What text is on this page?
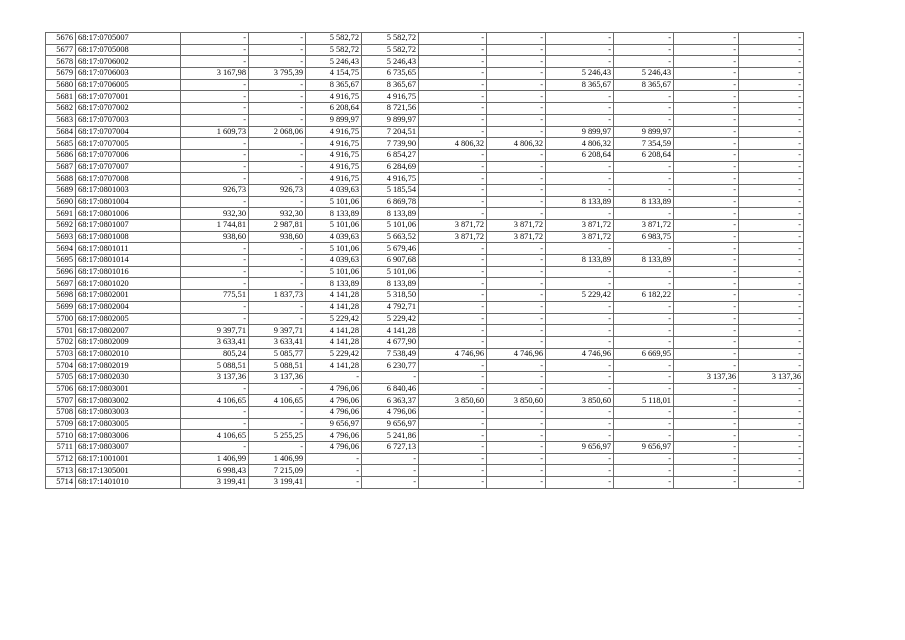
5676	68:17:0705007	-	-	5 582,72	5 582,72	-	-	-	-	-	-
5677	68:17:0705008	-	-	5 582,72	5 582,72	-	-	-	-	-	-
5678	68:17:0706002	-	-	5 246,43	5 246,43	-	-	-	-	-	-
5679	68:17:0706003	3 167,98	3 795,39	4 154,75	6 735,65	-	-	5 246,43	5 246,43	-	-
5680	68:17:0706005	-	-	8 365,67	8 365,67	-	-	8 365,67	8 365,67	-	-
5681	68:17:0707001	-	-	4 916,75	4 916,75	-	-	-	-	-	-
5682	68:17:0707002	-	-	6 208,64	8 721,56	-	-	-	-	-	-
5683	68:17:0707003	-	-	9 899,97	9 899,97	-	-	-	-	-	-
5684	68:17:0707004	1 609,73	2 068,06	4 916,75	7 204,51	-	-	9 899,97	9 899,97	-	-
5685	68:17:0707005	-	-	4 916,75	7 739,90	4 806,32	4 806,32	4 806,32	7 354,59	-	-
5686	68:17:0707006	-	-	4 916,75	6 854,27	-	-	6 208,64	6 208,64	-	-
5687	68:17:0707007	-	-	4 916,75	6 284,69	-	-	-	-	-	-
5688	68:17:0707008	-	-	4 916,75	4 916,75	-	-	-	-	-	-
5689	68:17:0801003	926,73	926,73	4 039,63	5 185,54	-	-	-	-	-	-
5690	68:17:0801004	-	-	5 101,06	6 869,78	-	-	8 133,89	8 133,89	-	-
5691	68:17:0801006	932,30	932,30	8 133,89	8 133,89	-	-	-	-	-	-
5692	68:17:0801007	1 744,81	2 987,81	5 101,06	5 101,06	3 871,72	3 871,72	3 871,72	3 871,72	-	-
5693	68:17:0801008	938,60	938,60	4 039,63	5 663,52	3 871,72	3 871,72	3 871,72	6 983,75	-	-
5694	68:17:0801011	-	-	5 101,06	5 679,46	-	-	-	-	-	-
5695	68:17:0801014	-	-	4 039,63	6 907,68	-	-	8 133,89	8 133,89	-	-
5696	68:17:0801016	-	-	5 101,06	5 101,06	-	-	-	-	-	-
5697	68:17:0801020	-	-	8 133,89	8 133,89	-	-	-	-	-	-
5698	68:17:0802001	775,51	1 837,73	4 141,28	5 318,50	-	-	5 229,42	6 182,22	-	-
5699	68:17:0802004	-	-	4 141,28	4 792,71	-	-	-	-	-	-
5700	68:17:0802005	-	-	5 229,42	5 229,42	-	-	-	-	-	-
5701	68:17:0802007	9 397,71	9 397,71	4 141,28	4 141,28	-	-	-	-	-	-
5702	68:17:0802009	3 633,41	3 633,41	4 141,28	4 677,90	-	-	-	-	-	-
5703	68:17:0802010	805,24	5 085,77	5 229,42	7 538,49	4 746,96	4 746,96	4 746,96	6 669,95	-	-
5704	68:17:0802019	5 088,51	5 088,51	4 141,28	6 230,77	-	-	-	-	-	-
5705	68:17:0802030	3 137,36	3 137,36	-	-	-	-	-	-	3 137,36	3 137,36
5706	68:17:0803001	-	-	4 796,06	6 840,46	-	-	-	-	-	-
5707	68:17:0803002	4 106,65	4 106,65	4 796,06	6 363,37	3 850,60	3 850,60	3 850,60	5 118,01	-	-
5708	68:17:0803003	-	-	4 796,06	4 796,06	-	-	-	-	-	-
5709	68:17:0803005	-	-	9 656,97	9 656,97	-	-	-	-	-	-
5710	68:17:0803006	4 106,65	5 255,25	4 796,06	5 241,86	-	-	-	-	-	-
5711	68:17:0803007	-	-	4 796,06	6 727,13	-	-	9 656,97	9 656,97	-	-
5712	68:17:1001001	1 406,99	1 406,99	-	-	-	-	-	-	-	-
5713	68:17:1305001	6 998,43	7 215,09	-	-	-	-	-	-	-	-
5714	68:17:1401010	3 199,41	3 199,41	-	-	-	-	-	-	-	-
